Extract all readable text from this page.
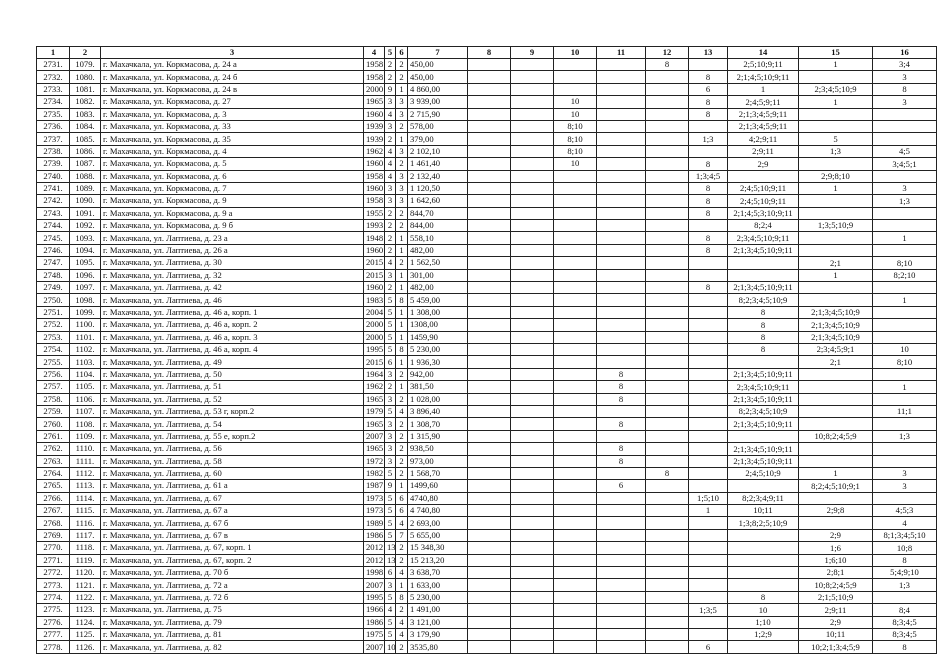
1	2	3	4	5	6	7	8	9	10	11	12	13	14	15	16
2731.	1079.	г. Махачкала, ул. Коркмасова, д. 24 а	1958	2	2	450,00					8		2;5;10;9;11	1	3;4
2732.	1080.	г. Махачкала, ул. Коркмасова, д. 24 б	1958	2	2	450,00						8	2;1;4;5;10;9;11		3
2733.	1081.	г. Махачкала, ул. Коркмасова, д. 24 в	2000	9	1	4 860,00						6	1	2;3;4;5;10;9	8
2734.	1082.	г. Махачкала, ул. Коркмасова, д. 27	1965	3	3	3 939,00			10			8	2;4;5;9;11	1	3
2735.	1083.	г. Махачкала, ул. Коркмасова, д. 3	1960	4	3	2 715,90			10			8	2;1;3;4;5;9;11		
2736.	1084.	г. Махачкала, ул. Коркмасова, д. 33	1939	3	2	578,00			8;10				2;1;3;4;5;9;11		
2737.	1085.	г. Махачкала, ул. Коркмасова, д. 35	1939	2	1	379,00			8;10			1;3	4;2;9;11	5	
2738.	1086.	г. Махачкала, ул. Коркмасова, д. 4	1962	4	3	2 102,10			8;10				2;9;11	1;3	4;5
2739.	1087.	г. Махачкала, ул. Коркмасова, д. 5	1960	4	2	1 461,40			10			8	2;9		3;4;5;1
2740.	1088.	г. Махачкала, ул. Коркмасова, д. 6	1958	4	3	2 132,40						1;3;4;5		2;9;8;10	
2741.	1089.	г. Махачкала, ул. Коркмасова, д. 7	1960	3	3	1 120,50						8	2;4;5;10;9;11	1	3
2742.	1090.	г. Махачкала, ул. Коркмасова, д. 9	1958	3	3	1 642,60						8	2;4;5;10;9;11		1;3
2743.	1091.	г. Махачкала, ул. Коркмасова, д. 9 а	1955	2	2	844,70						8	2;1;4;5;3;10;9;11		
2744.	1092.	г. Махачкала, ул. Коркмасова, д. 9 б	1993	2	2	844,00							8;2;4	1;3;5;10;9	
2745.	1093.	г. Махачкала, ул. Лаптиева, д. 23 а	1948	2	1	558,10						8	2;3;4;5;10;9;11		1
2746.	1094.	г. Махачкала, ул. Лаптиева, д. 26 а	1960	2	1	482,00						8	2;1;3;4;5;10;9;11		
2747.	1095.	г. Махачкала, ул. Лаптиева, д. 30	2015	4	2	1 562,50								2;1	8;10
2748.	1096.	г. Махачкала, ул. Лаптиева, д. 32	2015	3	1	301,00								1	8;2;10
2749.	1097.	г. Махачкала, ул. Лаптиева, д. 42	1960	2	1	482,00						8	2;1;3;4;5;10;9;11		
2750.	1098.	г. Махачкала, ул. Лаптиева, д. 46	1983	5	8	5 459,00							8;2;3;4;5;10;9		1
2751.	1099.	г. Махачкала, ул. Лаптиева, д. 46 а, корп. 1	2004	5	1	1 308,00							8	2;1;3;4;5;10;9	
2752.	1100.	г. Махачкала, ул. Лаптиева, д. 46 а, корп. 2	2000	5	1	1308,00							8	2;1;3;4;5;10;9	
2753.	1101.	г. Махачкала, ул. Лаптиева, д. 46 а, корп. 3	2000	5	1	1459,90							8	2;1;3;4;5;10;9	
2754.	1102.	г. Махачкала, ул. Лаптиева, д. 46 а, корп. 4	1995	5	8	5 230,00							8	2;3;4;5;9;1	10
2755.	1103.	г. Махачкала, ул. Лаптиева, д. 49	2015	6	1	1 936,30								2;1	8;10
2756.	1104.	г. Махачкала, ул. Лаптиева, д. 50	1964	3	2	942,00				8			2;1;3;4;5;10;9;11		
2757.	1105.	г. Махачкала, ул. Лаптиева, д. 51	1962	2	1	381,50				8			2;3;4;5;10;9;11		1
2758.	1106.	г. Махачкала, ул. Лаптиева, д. 52	1965	3	2	1 028,00				8			2;1;3;4;5;10;9;11		
2759.	1107.	г. Махачкала, ул. Лаптиева, д. 53 г, корп.2	1979	5	4	3 896,40							8;2;3;4;5;10;9		11;1
2760.	1108.	г. Махачкала, ул. Лаптиева, д. 54	1965	3	2	1 308,70				8			2;1;3;4;5;10;9;11		
2761.	1109.	г. Махачкала, ул. Лаптиева, д. 55 е, корп.2	2007	3	2	1 315,90								10;8;2;4;5;9	1;3
2762.	1110.	г. Махачкала, ул. Лаптиева, д. 56	1965	3	2	938,50				8			2;1;3;4;5;10;9;11		
2763.	1111.	г. Махачкала, ул. Лаптиева, д. 58	1972	3	2	973,00				8			2;1;3;4;5;10;9;11		
2764.	1112.	г. Махачкала, ул. Лаптиева, д. 60	1982	5	2	1 568,70					8		2;4;5;10;9	1	3
2765.	1113.	г. Махачкала, ул. Лаптиева, д. 61 а	1987	9	1	1499,60				6				8;2;4;5;10;9;1	3
2766.	1114.	г. Махачкала, ул. Лаптиева, д. 67	1973	5	6	4740,80						1;5;10	8;2;3;4;9;11		
2767.	1115.	г. Махачкала, ул. Лаптиева, д. 67 а	1973	5	6	4 740,80						1	10;11	2;9;8	4;5;3
2768.	1116.	г. Махачкала, ул. Лаптиева, д. 67 б	1989	5	4	2 693,00							1;3;8;2;5;10;9		4
2769.	1117.	г. Махачкала, ул. Лаптиева, д. 67 в	1986	5	7	5 655,00								2;9	8;1;3;4;5;10
2770.	1118.	г. Махачкала, ул. Лаптиева, д. 67, корп. 1	2012	13	2	15 348,30								1;6	10;8
2771.	1119.	г. Махачкала, ул. Лаптиева, д. 67, корп. 2	2012	13	2	15 213,20								1;6;10	8
2772.	1120.	г. Махачкала, ул. Лаптиева, д. 70 б	1998	6	4	3 638,70								2;8;1	5;4;9;10
2773.	1121.	г. Махачкала, ул. Лаптиева, д. 72 а	2007	3	1	1 633,00								10;8;2;4;5;9	1;3
2774.	1122.	г. Махачкала, ул. Лаптиева, д. 72 б	1995	5	8	5 230,00							8	2;1;5;10;9	
2775.	1123.	г. Махачкала, ул. Лаптиева, д. 75	1966	4	2	1 491,00						1;3;5	10	2;9;11	8;4
2776.	1124.	г. Махачкала, ул. Лаптиева, д. 79	1986	5	4	3 121,00							1;10	2;9	8;3;4;5
2777.	1125.	г. Махачкала, ул. Лаптиева, д. 81	1975	5	4	3 179,90							1;2;9	10;11	8;3;4;5
2778.	1126.	г. Махачкала, ул. Лаптиева, д. 82	2007	10	2	3535,80						6		10;2;1;3;4;5;9	8
